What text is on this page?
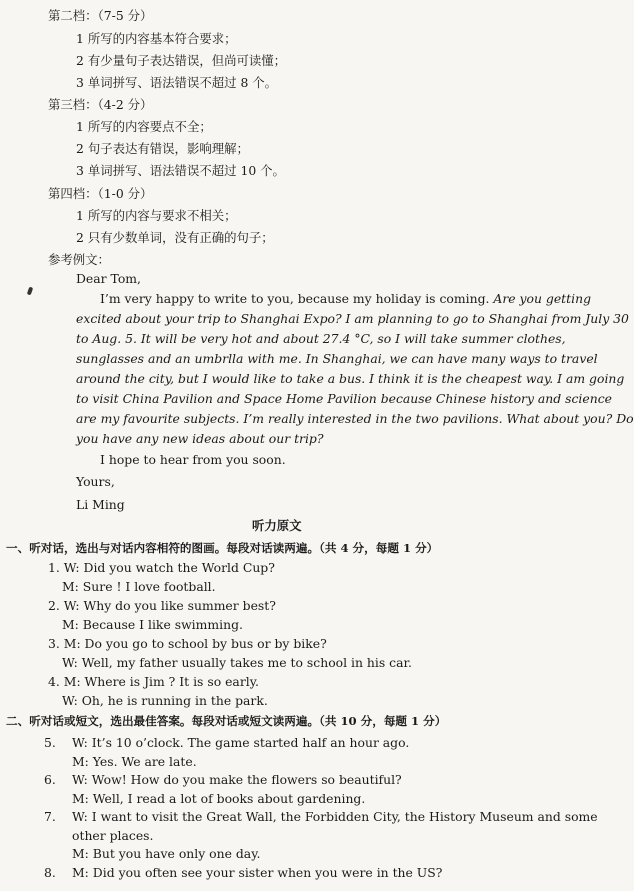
第二档：（7-5 分）
1 所写的内容基本符合要求；
2 有少量句子表达错误，但尚可读懂；
3 单词拼写、语法错误不超过 8 个。
第三档：（4-2 分）
1 所写的内容要点不全；
2 句子表达有错误，影响理解；
3 单词拼写、语法错误不超过 10 个。
第四档：（1-0 分）
1 所写的内容与要求不相关；
2 只有少数单词，没有正确的句子；
参考例文：
Dear Tom,
I’m very happy to write to you, because my holiday is coming. Are you getting
excited about your trip to Shanghai Expo? I am planning to go to Shanghai from July 30
to Aug. 5. It will be very hot and about 27.4 °C, so I will take summer clothes,
sunglasses and an umbrlla with me. In Shanghai, we can have many ways to travel
around the city, but I would like to take a bus. I think it is the cheapest way. I am going
to visit China Pavilion and Space Home Pavilion because Chinese history and science
are my favourite subjects. I’m really interested in the two pavilions. What about you? Do
you have any new ideas about our trip?
I hope to hear from you soon.
Yours,
Li Ming
听力原文
一、听对话，选出与对话内容相符的图画。每段对话读两遍。（共 4 分，每题 1 分）
1. W: Did you watch the World Cup?
M: Sure ! I love football.
2. W: Why do you like summer best?
M: Because I like swimming.
3. M: Do you go to school by bus or by bike?
W: Well, my father usually takes me to school in his car.
4. M: Where is Jim ? It is so early.
W: Oh, he is running in the park.
二、听对话或短文，选出最佳答案。每段对话或短文读两遍。（共 10 分，每题 1 分）
5. W: It’s 10 o’clock. The game started half an hour ago.
M: Yes. We are late.
6. W: Wow! How do you make the flowers so beautiful?
M: Well, I read a lot of books about gardening.
7. W: I want to visit the Great Wall, the Forbidden City, the History Museum and some
other places.
M: But you have only one day.
8. M: Did you often see your sister when you were in the US?
